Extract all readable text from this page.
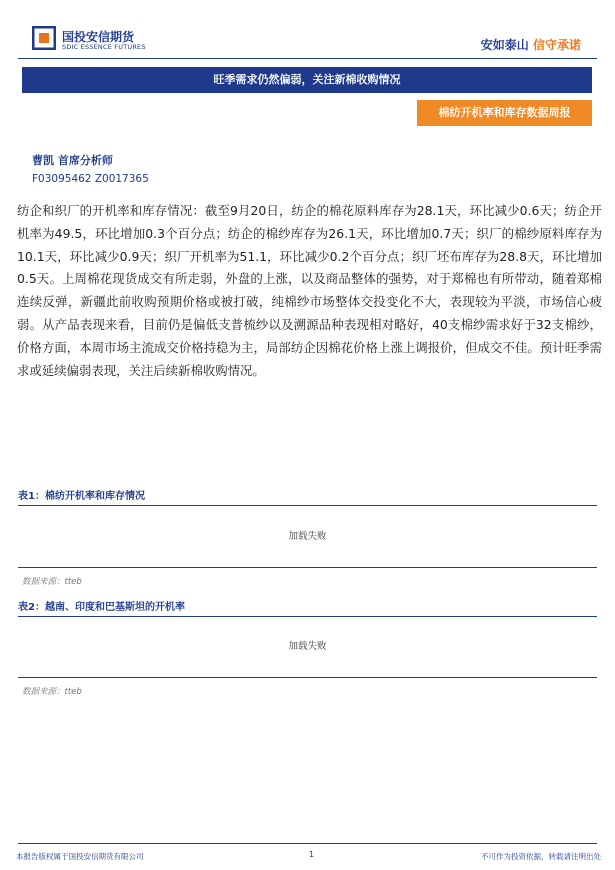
国投安信期货
SDIC ESSENCE FUTURES	安如泰山 信守承诺
旺季需求仍然偏弱，关注新棉收购情况
棉纺开机率和库存数据周报
曹凯 首席分析师
F03095462 Z0017365

纺企和织厂的开机率和库存情况：截至9月20日，纺企的棉花原料库存为28.1天，环比减少0.6天；纺企开机率为49.5，环比增加0.3个百分点；纺企的棉纱库存为26.1天，环比增加0.7天；织厂的棉纱原料库存为10.1天，环比减少0.9天；织厂开机率为51.1，环比减少0.2个百分点；织厂坯布库存为28.8天，环比增加0.5天。上周棉花现货成交有所走弱，外盘的上涨，以及商品整体的强势，对于郑棉也有所带动，随着郑棉连续反弹，新疆此前收购预期价格或被打破，纯棉纱市场整体交投变化不大，表现较为平淡，市场信心疲弱。从产品表现来看，目前仍是偏低支普梳纱以及溯源品种表现相对略好，40支棉纱需求好于32支棉纱，价格方面，本周市场主流成交价格持稳为主，局部纺企因棉花价格上涨上调报价，但成交不佳。预计旺季需求或延续偏弱表现，关注后续新棉收购情况。

表1：棉纺开机率和库存情况
加载失败
数据来源：tteb
表2：越南、印度和巴基斯坦的开机率
加载失败
数据来源：tteb
本报告版权属于国投安信期货有限公司	1	不可作为投资依据，转载请注明出处
